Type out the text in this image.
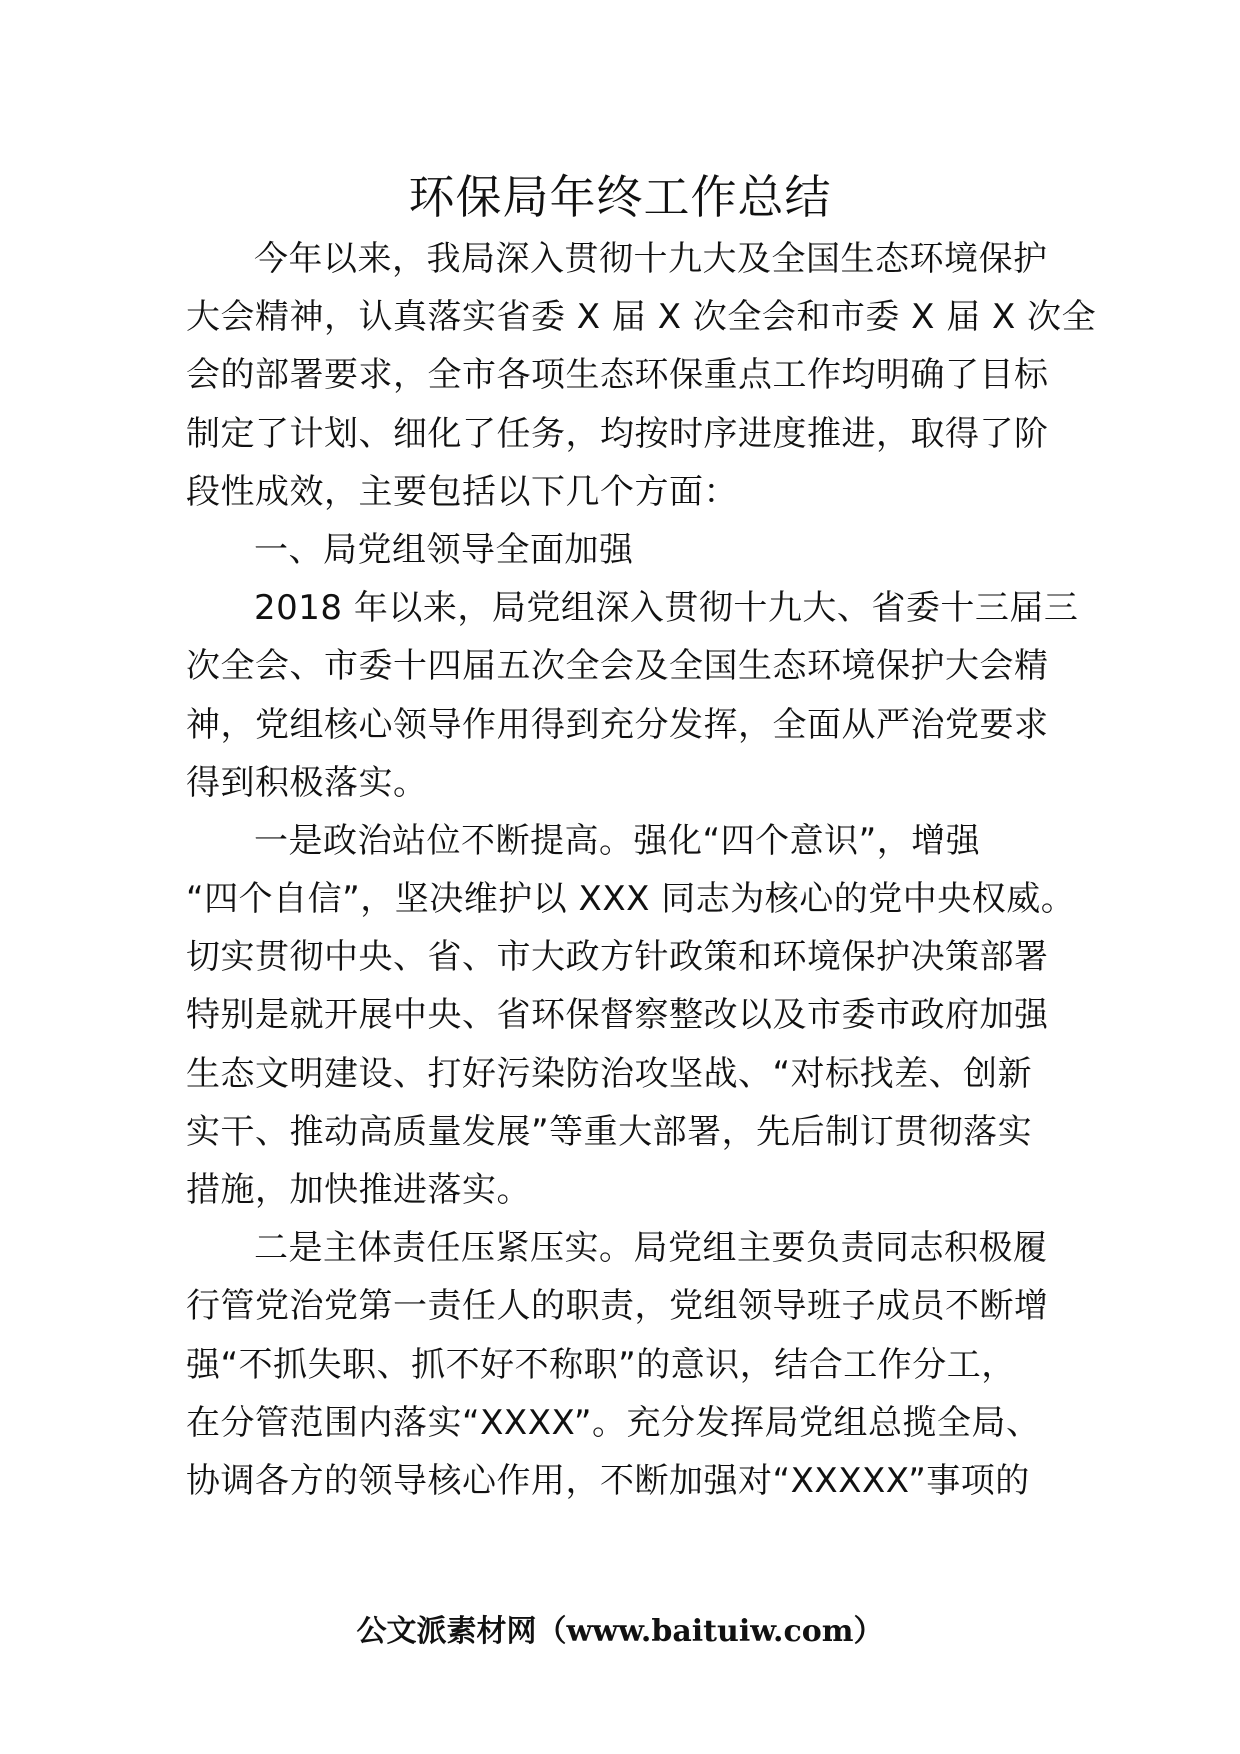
环保局年终工作总结
今年以来，我局深入贯彻十九大及全国生态环境保护
大会精神，认真落实省委 X 届 X 次全会和市委 X 届 X 次全
会的部署要求，全市各项生态环保重点工作均明确了目标
制定了计划、细化了任务，均按时序进度推进，取得了阶
段性成效，主要包括以下几个方面：
一、局党组领导全面加强
2018 年以来，局党组深入贯彻十九大、省委十三届三
次全会、市委十四届五次全会及全国生态环境保护大会精
神，党组核心领导作用得到充分发挥，全面从严治党要求
得到积极落实。
一是政治站位不断提高。强化“四个意识”，增强
“四个自信”，坚决维护以 XXX 同志为核心的党中央权威。
切实贯彻中央、省、市大政方针政策和环境保护决策部署
特别是就开展中央、省环保督察整改以及市委市政府加强
生态文明建设、打好污染防治攻坚战、“对标找差、创新
实干、推动高质量发展”等重大部署，先后制订贯彻落实
措施，加快推进落实。
二是主体责任压紧压实。局党组主要负责同志积极履
行管党治党第一责任人的职责，党组领导班子成员不断增
强“不抓失职、抓不好不称职”的意识，结合工作分工，
在分管范围内落实“XXXX”。充分发挥局党组总揽全局、
协调各方的领导核心作用，不断加强对“XXXXX”事项的
公文派素材网（www.baituiw.com）
